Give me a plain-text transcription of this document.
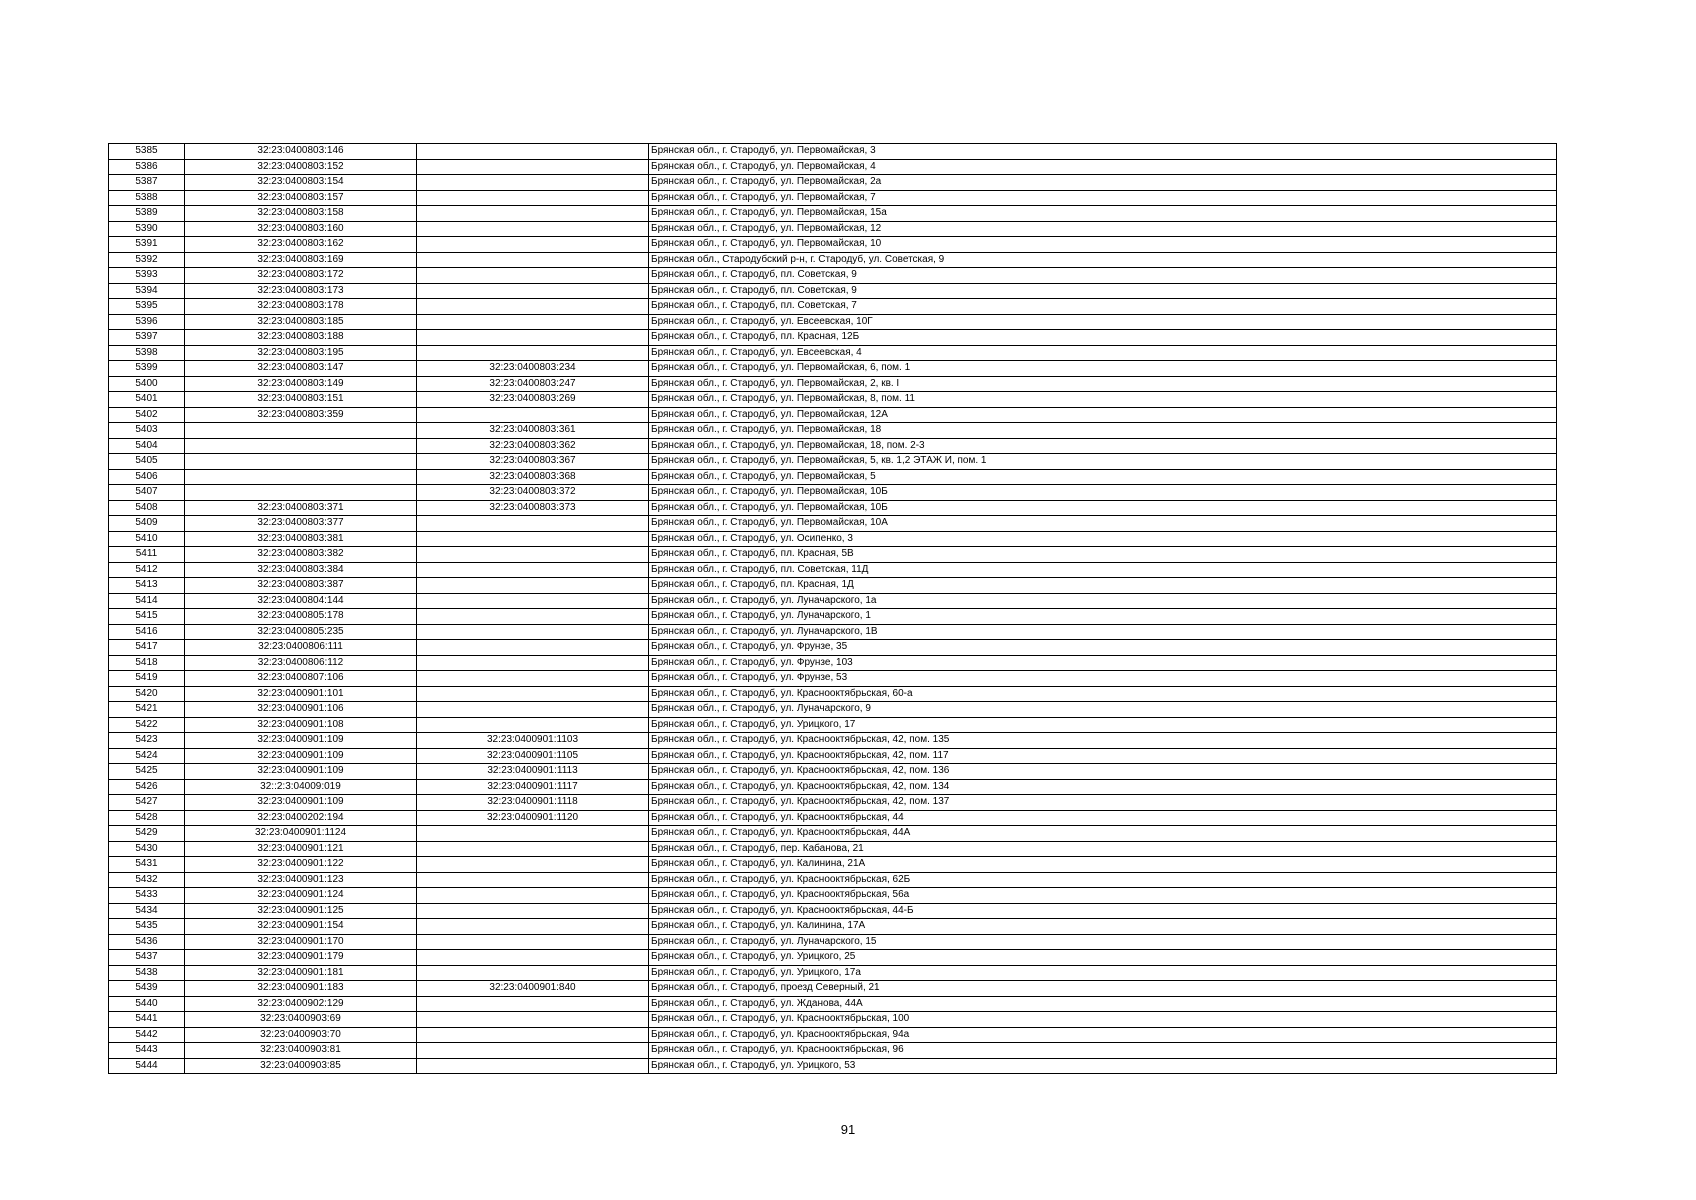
5385	32:23:0400803:146		Брянская обл., г. Стародуб, ул. Первомайская, 3
5386	32:23:0400803:152		Брянская обл., г. Стародуб, ул. Первомайская, 4
5387	32:23:0400803:154		Брянская обл., г. Стародуб, ул. Первомайская, 2а
5388	32:23:0400803:157		Брянская обл., г. Стародуб, ул. Первомайская, 7
5389	32:23:0400803:158		Брянская обл., г. Стародуб, ул. Первомайская, 15а
5390	32:23:0400803:160		Брянская обл., г. Стародуб, ул. Первомайская, 12
5391	32:23:0400803:162		Брянская обл., г. Стародуб, ул. Первомайская, 10
5392	32:23:0400803:169		Брянская обл., Стародубский р-н, г. Стародуб, ул. Советская, 9
5393	32:23:0400803:172		Брянская обл., г. Стародуб, пл. Советская, 9
5394	32:23:0400803:173		Брянская обл., г. Стародуб, пл. Советская, 9
5395	32:23:0400803:178		Брянская обл., г. Стародуб, пл. Советская, 7
5396	32:23:0400803:185		Брянская обл., г. Стародуб, ул. Евсеевская, 10Г
5397	32:23:0400803:188		Брянская обл., г. Стародуб, пл. Красная, 12Б
5398	32:23:0400803:195		Брянская обл., г. Стародуб, ул. Евсеевская, 4
5399	32:23:0400803:147	32:23:0400803:234	Брянская обл., г. Стародуб, ул. Первомайская, 6, пом. 1
5400	32:23:0400803:149	32:23:0400803:247	Брянская обл., г. Стародуб, ул. Первомайская, 2, кв. I
5401	32:23:0400803:151	32:23:0400803:269	Брянская обл., г. Стародуб, ул. Первомайская, 8, пом. 11
5402	32:23:0400803:359		Брянская обл., г. Стародуб, ул. Первомайская, 12А
5403		32:23:0400803:361	Брянская обл., г. Стародуб, ул. Первомайская, 18
5404		32:23:0400803:362	Брянская обл., г. Стародуб, ул. Первомайская, 18, пом. 2-3
5405		32:23:0400803:367	Брянская обл., г. Стародуб, ул. Первомайская, 5, кв. 1,2 ЭТАЖ И, пом. 1
5406		32:23:0400803:368	Брянская обл., г. Стародуб, ул. Первомайская, 5
5407		32:23:0400803:372	Брянская обл., г. Стародуб, ул. Первомайская, 10Б
5408	32:23:0400803:371	32:23:0400803:373	Брянская обл., г. Стародуб, ул. Первомайская, 10Б
5409	32:23:0400803:377		Брянская обл., г. Стародуб, ул. Первомайская, 10А
5410	32:23:0400803:381		Брянская обл., г. Стародуб, ул. Осипенко, 3
5411	32:23:0400803:382		Брянская обл., г. Стародуб, пл. Красная, 5В
5412	32:23:0400803:384		Брянская обл., г. Стародуб, пл. Советская, 11Д
5413	32:23:0400803:387		Брянская обл., г. Стародуб, пл. Красная, 1Д
5414	32:23:0400804:144		Брянская обл., г. Стародуб, ул. Луначарского, 1а
5415	32:23:0400805:178		Брянская обл., г. Стародуб, ул. Луначарского, 1
5416	32:23:0400805:235		Брянская обл., г. Стародуб, ул. Луначарского, 1В
5417	32:23:0400806:111		Брянская обл., г. Стародуб, ул. Фрунзе, 35
5418	32:23:0400806:112		Брянская обл., г. Стародуб, ул. Фрунзе, 103
5419	32:23:0400807:106		Брянская обл., г. Стародуб, ул. Фрунзе, 53
5420	32:23:0400901:101		Брянская обл., г. Стародуб, ул. Краснооктябрьская, 60-а
5421	32:23:0400901:106		Брянская обл., г. Стародуб, ул. Луначарского, 9
5422	32:23:0400901:108		Брянская обл., г. Стародуб, ул. Урицкого, 17
5423	32:23:0400901:109	32:23:0400901:1103	Брянская обл., г. Стародуб, ул. Краснооктябрьская, 42, пом. 135
5424	32:23:0400901:109	32:23:0400901:1105	Брянская обл., г. Стародуб, ул. Краснооктябрьская, 42, пом. 117
5425	32:23:0400901:109	32:23:0400901:1113	Брянская обл., г. Стародуб, ул. Краснооктябрьская, 42, пом. 136
5426	32::2:3:04009:019	32:23:0400901:1117	Брянская обл., г. Стародуб, ул. Краснооктябрьская, 42, пом. 134
5427	32:23:0400901:109	32:23:0400901:1118	Брянская обл., г. Стародуб, ул. Краснооктябрьская, 42, пом. 137
5428	32:23:0400202:194	32:23:0400901:1120	Брянская обл., г. Стародуб, ул. Краснооктябрьская, 44
5429	32:23:0400901:1124		Брянская обл., г. Стародуб, ул. Краснооктябрьская, 44А
5430	32:23:0400901:121		Брянская обл., г. Стародуб, пер. Кабанова, 21
5431	32:23:0400901:122		Брянская обл., г. Стародуб, ул. Калинина, 21А
5432	32:23:0400901:123		Брянская обл., г. Стародуб, ул. Краснооктябрьская, 62Б
5433	32:23:0400901:124		Брянская обл., г. Стародуб, ул. Краснооктябрьская, 56а
5434	32:23:0400901:125		Брянская обл., г. Стародуб, ул. Краснооктябрьская, 44-Б
5435	32:23:0400901:154		Брянская обл., г. Стародуб, ул. Калинина, 17А
5436	32:23:0400901:170		Брянская обл., г. Стародуб, ул. Луначарского, 15
5437	32:23:0400901:179		Брянская обл., г. Стародуб, ул. Урицкого, 25
5438	32:23:0400901:181		Брянская обл., г. Стародуб, ул. Урицкого, 17а
5439	32:23:0400901:183	32:23:0400901:840	Брянская обл., г. Стародуб, проезд Северный, 21
5440	32:23:0400902:129		Брянская обл., г. Стародуб, ул. Жданова, 44А
5441	32:23:0400903:69		Брянская обл., г. Стародуб, ул. Краснооктябрьская, 100
5442	32:23:0400903:70		Брянская обл., г. Стародуб, ул. Краснооктябрьская, 94а
5443	32:23:0400903:81		Брянская обл., г. Стародуб, ул. Краснооктябрьская, 96
5444	32:23:0400903:85		Брянская обл., г. Стародуб, ул. Урицкого, 53
91
